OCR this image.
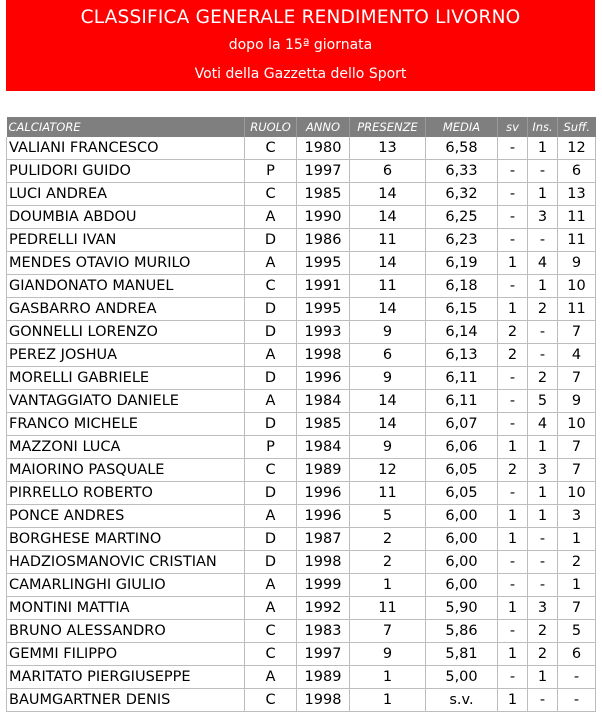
CLASSIFICA GENERALE RENDIMENTO LIVORNO
dopo la 15ª giornata
Voti della Gazzetta dello Sport
CALCIATORE	RUOLO	ANNO	PRESENZE	MEDIA	sv	Ins.	Suff.
VALIANI FRANCESCO	C	1980	13	6,58	-	1	12
PULIDORI GUIDO	P	1997	6	6,33	-	-	6
LUCI ANDREA	C	1985	14	6,32	-	1	13
DOUMBIA ABDOU	A	1990	14	6,25	-	3	11
PEDRELLI IVAN	D	1986	11	6,23	-	-	11
MENDES OTAVIO MURILO	A	1995	14	6,19	1	4	9
GIANDONATO MANUEL	C	1991	11	6,18	-	1	10
GASBARRO ANDREA	D	1995	14	6,15	1	2	11
GONNELLI LORENZO	D	1993	9	6,14	2	-	7
PEREZ JOSHUA	A	1998	6	6,13	2	-	4
MORELLI GABRIELE	D	1996	9	6,11	-	2	7
VANTAGGIATO DANIELE	A	1984	14	6,11	-	5	9
FRANCO MICHELE	D	1985	14	6,07	-	4	10
MAZZONI LUCA	P	1984	9	6,06	1	1	7
MAIORINO PASQUALE	C	1989	12	6,05	2	3	7
PIRRELLO ROBERTO	D	1996	11	6,05	-	1	10
PONCE ANDRES	A	1996	5	6,00	1	1	3
BORGHESE MARTINO	D	1987	2	6,00	1	-	1
HADZIOSMANOVIC CRISTIAN	D	1998	2	6,00	-	-	2
CAMARLINGHI GIULIO	A	1999	1	6,00	-	-	1
MONTINI MATTIA	A	1992	11	5,90	1	3	7
BRUNO ALESSANDRO	C	1983	7	5,86	-	2	5
GEMMI FILIPPO	C	1997	9	5,81	1	2	6
MARITATO PIERGIUSEPPE	A	1989	1	5,00	-	1	-
BAUMGARTNER DENIS	C	1998	1	s.v.	1	-	-
